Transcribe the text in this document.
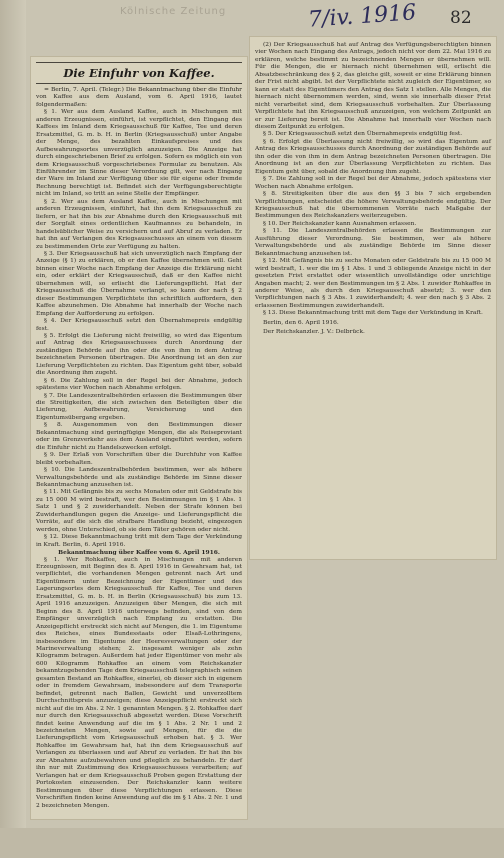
Kölnische Zeitung	7/iv. 1916 82
Die Einfuhr von Kaffee.

= Berlin, 7. April. (Telegr.) Die Bekanntmachung über die Einfuhr von Kaffee aus dem Ausland, vom 6. April 1916, lautet folgendermaßen:

§ 1. Wer aus dem Ausland Kaffee, auch in Mischungen mit anderen Erzeugnissen, einführt, ist verpflichtet, den Eingang des Kaffees im Inland dem Kriegsausschuß für Kaffee, Tee und deren Ersatzmittel, G. m. b. H. in Berlin (Kriegsausschuß) unter Angabe der Menge, des bezahlten Einkaufspreises und des Aufbewahrungsortes unverzüglich anzuzeigen. Die Anzeige hat durch eingeschriebenen Brief zu erfolgen. Sofern es möglich ein von dem Kriegsausschuß vorgeschriebenes Formular zu benutzen. Als Einführender im Sinne dieser Verordnung gilt, wer nach Eingang der Ware im Inland zur Verfügung über sie für eigene oder fremde Rechnung berechtigt ist. Befindet sich der Verfügungsberechtigte nicht im Inland, so tritt an seine Stelle der Empfänger.

§ 2. Wer aus dem Ausland Kaffee, auch in Mischungen mit anderen Erzeugnissen, einführt, hat ihn dem Kriegsausschuß zu liefern, er hat ihn bis zur Abnahme durch den Kriegsausschuß mit der Sorgfalt eines ordentlichen Kaufmannes zu behandeln, in handelsüblicher Weise zu versichern und auf Abruf zu verladen. Er hat ihn auf Verlangen des Kriegsausschusses an einem von diesem zu bestimmenden Orte zur Verfügung zu halten.

§ 3. Der Kriegsausschuß hat sich unverzüglich nach Empfang der Anzeige (§ 1) zu erklären, ob er den Kaffee übernehmen will. Geht binnen einer Woche nach Empfang der Anzeige die Erklärung nicht ein, oder erklärt der Kriegsausschuß, daß er den Kaffee nicht übernehmen will, so erlischt die Lieferungspflicht. Hat der Kriegsausschuß die Übernahme verlangt, so kann der nach § 2 dieser Bestimmungen Verpflichtete ihn schriftlich auffordern, den Kaffee abzunehmen. Die Abnahme hat innerhalb der Woche nach Empfang der Aufforderung zu erfolgen.

§ 4. Der Kriegsausschuß setzt den Übernahmepreis endgültig fest.

§ 5. Erfolgt die Lieferung nicht freiwillig, so wird das Eigentum auf Antrag des Kriegsausschusses durch Anordnung der zuständigen Behörde auf ihn oder die von ihm in dem Antrag bezeichneten Personen übertragen. Die Anordnung ist an den zur Lieferung Verpflichteten zu richten. Das Eigentum geht über, sobald die Anordnung ihm zugeht.

§ 6. Die Zahlung soll in der Regel bei der Abnahme, jedoch spätestens vier Wochen nach Abnahme erfolgen.

§ 7. Die Landeszentralbehörden erlassen die Bestimmungen über die Streitigkeiten, die sich zwischen den Beteiligten über die Lieferung, Aufbewahrung, Versicherung und den Eigentumsübergang ergeben.

§ 8. Ausgenommen von den Bestimmungen dieser Bekanntmachung sind geringfügige Mengen, die als Reiseproviant oder im Grenzverkehr aus dem Ausland eingeführt werden, sofern die Einfuhr nicht zu Handelszwecken erfolgt.

§ 9. Der Erlaß von Vorschriften über die Durchfuhr von Kaffee bleibt vorbehalten.

§ 10. Die Landeszentralbehörden bestimmen, wer als höhere Verwaltungsbehörde und als zuständige Behörde im Sinne dieser Bekanntmachung anzusehen ist.

§ 11. Mit Gefängnis bis zu sechs Monaten oder mit Geldstrafe bis zu 15 000 M wird bestraft, wer den Bestimmungen im § 1 Abs. 1 Satz 1 und § 2 zuwiderhandelt. Neben der Strafe können bei Zuwiderhandlungen gegen die Anzeige- und Lieferungspflicht die Vorräte, auf die sich die strafbare Handlung bezieht, eingezogen werden, ohne Unterschied, ob sie dem Täter gehören oder nicht.

§ 12. Diese Bekanntmachung tritt mit dem Tage der Verkündung in Kraft. Berlin, 6. April 1916.

Bekanntmachung über Kaffee vom 6. April 1916.

§ 1. Wer Rohkaffee, auch in Mischungen mit anderen Erzeugnissen, mit Beginn des 8. April 1916 in Gewahrsam hat, ist verpflichtet, die vorhandenen Mengen getrennt nach Art und Eigentümern unter Bezeichnung der Eigentümer und des Lagerungsortes dem Kriegsausschuß für Kaffee, Tee und deren Ersatzmittel, G. m. b. H. in Berlin (Kriegsausschuß) bis zum 13. April 1916 anzuzeigen. Anzuzeigen über Mengen, die sich mit Beginn des 8. April 1916 unterwegs befinden, sind von dem Empfänger unverzüglich nach Empfang zu erstatten. Die Anzeigepflicht erstreckt sich nicht auf Mengen, die 1. im Eigentume des Reiches, eines Bundesstaats oder Elsaß-Lothringens, insbesondere im Eigentume der Heeresverwaltungen oder der Marineverwaltung stehen; 2. insgesamt weniger als zehn Kilogramm betragen. Außerdem hat jeder Eigentümer von mehr als 600 Kilogramm Rohkaffee an einem vom Reichskanzler bekanntzugebenden Tage dem Kriegsausschuß telegraphisch seinen gesamten Bestand an Rohkaffee, einerlei, ob dieser sich in eigenem oder in fremdem Gewahrsam, insbesondere auf dem Transporte befindet, getrennt nach Ballen, Gewicht und unverzolltem Durchschnittspreis anzuzeigen; diese Anzeigepflicht erstreckt sich nicht auf die im Abs. 2 Nr. 1 genannten Mengen. § 2. Rohkaffee darf nur durch den Kriegsausschuß abgesetzt werden. Diese Vorschrift findet keine Anwendung auf die im § 1 Abs. 2 Nr. 1 und 2 bezeichneten Mengen, sowie auf Mengen, für die die Lieferungspflicht vom Kriegsausschuß erhoben hat. § 3. Wer Rohkaffee im Gewahrsam hat, hat ihn dem Kriegsausschuß auf Verlangen zu überlassen und auf Abruf zu verladen. Er hat ihn bis zur Abnahme aufzubewahren und pfleglich zu behandeln. Er darf ihn nur mit Zustimmung des Kriegsausschusses verarbeiten; auf Verlangen hat er dem Kriegsausschuß Proben gegen Erstattung der Portokosten einzusenden. Der Reichskanzler kann weitere Bestimmungen über diese Verpflichtungen erlassen. Diese Vorschriften finden keine Anwendung auf die im § 1 Abs. 2 Nr. 1 und 2 bezeichneten Mengen.

(2) Der Kriegsausschuß hat auf Antrag des Verfügungsberechtigten binnen vier Wochen nach Eingang des Antrags, jedoch nicht vor dem 22. Mai 1916 zu erklären, welche bestimmt zu bezeichnenden Mengen er übernehmen will. Für die Mengen, die er hiernach nicht übernehmen will, erlischt die Absatzbeschränkung des § 2, das gleiche gilt, soweit er eine Erklärung binnen der Frist nicht abgibt. Ist der Verpflichtete nicht zugleich der Eigentümer, so kann er statt des Eigentümers den Antrag des Satz 1 stellen. Alle Mengen, die hiernach nicht übernommen werden, sind, wenn sie innerhalb dieser Frist nicht verarbeitet sind, dem Kriegsausschuß vorbehalten. Zur Überlassung Verpflichtete hat ihn Kriegsausschuß anzuzeigen, von welchem Zeitpunkt an er zur Lieferung bereit ist. Die Abnahme hat innerhalb vier Wochen nach diesem Zeitpunkt zu erfolgen.

§ 5. Der Kriegsausschuß setzt den Übernahmepreis endgültig fest.

§ 6. Erfolgt die Überlassung nicht freiwillig, so wird das Eigentum auf Antrag des Kriegsausschusses durch Anordnung der zuständigen Behörde auf ihn oder die von ihm in dem Antrag bezeichneten Personen übertragen. Die Anordnung ist an den zur Überlassung Verpflichteten zu richten. Das Eigentum geht über, sobald die Anordnung ihm zugeht.

§ 7. Die Zahlung soll in der Regel bei der Abnahme, jedoch spätestens vier Wochen nach Abnahme erfolgen.

§ 8. Streitigkeiten über die aus den §§ 3 bis 7 sich ergebenden Verpflichtungen, entscheidet die höhere Verwaltungsbehörde endgültig. Der Kriegsausschuß hat die übernommenen Vorräte nach Maßgabe der Bestimmungen des Reichskanzlers weiterzugeben.

§ 10. Der Reichskanzler kann Ausnahmen erlassen.

§ 11. Die Landeszentralbehörden erlassen die Bestimmungen zur Ausführung dieser Verordnung. Sie bestimmen, wer als höhere Verwaltungsbehörde und als zuständige Behörde im Sinne dieser Bekanntmachung anzusehen ist.

§ 12. Mit Gefängnis bis zu sechs Monaten oder Geldstrafe bis zu 15 000 M wird bestraft, 1. wer die im § 1 Abs. 1 und 3 obliegende Anzeige nicht in der gesetzten Frist erstattet oder wissentlich unvollständige oder unrichtige Angaben macht; 2. wer den Bestimmungen im § 2 Abs. 1 zuwider Rohkaffee in anderer Weise, als durch den Kriegsausschuß absetzt; 3. wer den Verpflichtungen nach § 3 Abs. 1 zuwiderhandelt; 4. wer den nach § 3 Abs. 2 erlassenen Bestimmungen zuwiderhandelt.

§ 13. Diese Bekanntmachung tritt mit dem Tage der Verkündung in Kraft.

Berlin, den 6. April 1916.

Der Reichskanzler. J. V.: Delbrück.
